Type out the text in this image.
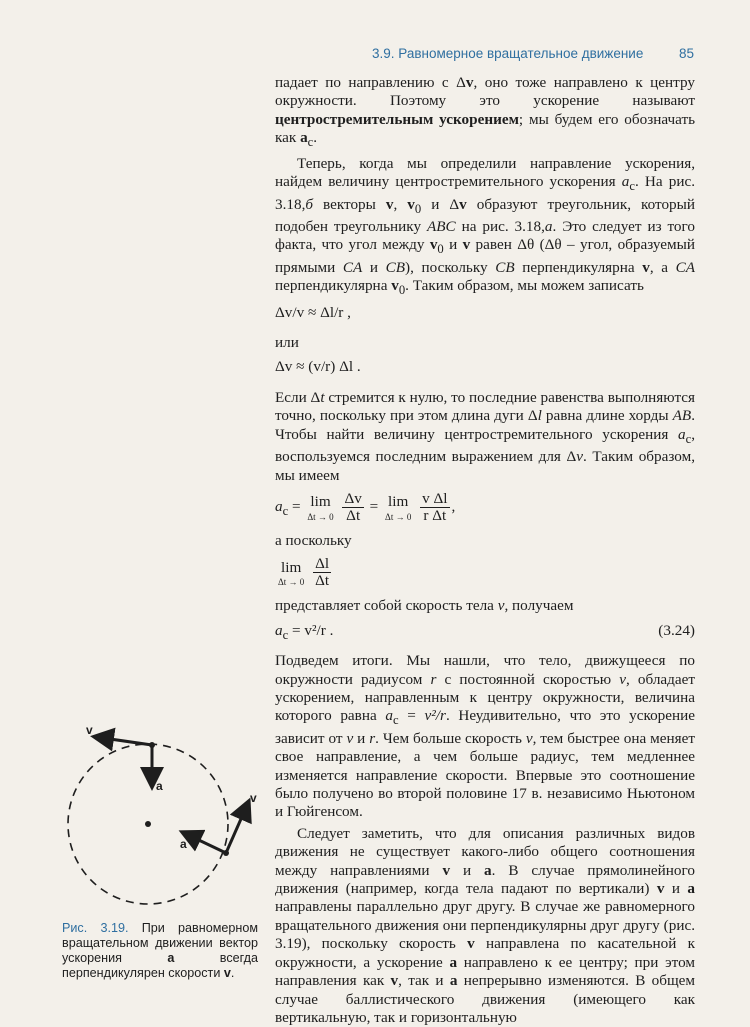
3.9. Равномерное вращательное движение	85

падает по направлению с Δv, оно тоже направлено к центру окружности. Поэтому это ускорение называют центростремительным ускорением; мы будем его обозначать как $a_c$.

Теперь, когда мы определили направление ускорения, найдем величину центростремительного ускорения $a_c$. На рис. 3.18,б векторы v, $v_0$ и Δv образуют треугольник, который подобен треугольнику ABC на рис. 3.18,а. Это следует из того факта, что угол между $v_0$ и v равен Δθ (Δθ – угол, образуемый прямыми CA и CB), поскольку CB перпендикулярна v, а CA перпендикулярна $v_0$. Таким образом, мы можем записать

Δv/v ≈ Δl/r ,

или

Δv ≈ (v/r) Δl .

Если Δt стремится к нулю, то последние равенства выполняются точно, поскольку при этом длина дуги Δl равна длине хорды AB. Чтобы найти величину центростремительного ускорения $a_c$, воспользуемся последним выражением для Δv. Таким образом, мы имеем

$a_c = \lim$
Δt → 0
$\frac{\Delta v}{\Delta t} = \lim$
Δt → 0
$\frac{\text{v Δl}}{\text{r Δt}}$ ,

а поскольку

lim
Δt → 0
$\frac{\Delta l}{\Delta t}$

представляет собой скорость тела v, получаем

$a_c = v^2/r$ .	(3.24)

Подведем итоги. Мы нашли, что тело, движущееся по окружности радиусом r с постоянной скоростью v, обладает ускорением, направленным к центру окружности, величина которого равна $a_c = v^2/r$. Неудивительно, что это ускорение зависит от v и r. Чем больше скорость v, тем быстрее она меняет свое направление, а чем больше радиус, тем медленнее изменяется направление скорости. Впервые это соотношение было получено во второй половине 17 в. независимо Ньютоном и Гюйгенсом.

Следует заметить, что для описания различных видов движения не существует какого-либо общего соотношения между направлениями v и a. В случае прямолинейного движения (например, когда тела падают по вертикали) v и a направлены параллельно друг другу. В случае же равномерного вращательного движения они перпендикулярны друг другу (рис. 3.19), поскольку скорость v направлена по касательной к окружности, а ускорение a направлено к ее центру; при этом направления как v, так и a непрерывно изменяются. В общем случае баллистического движения (имеющего как вертикальную, так и горизонтальную

v
a
v
a
Рис. 3.19. При равномерном вращательном движении вектор ускорения a всегда перпендикулярен скорости v.
